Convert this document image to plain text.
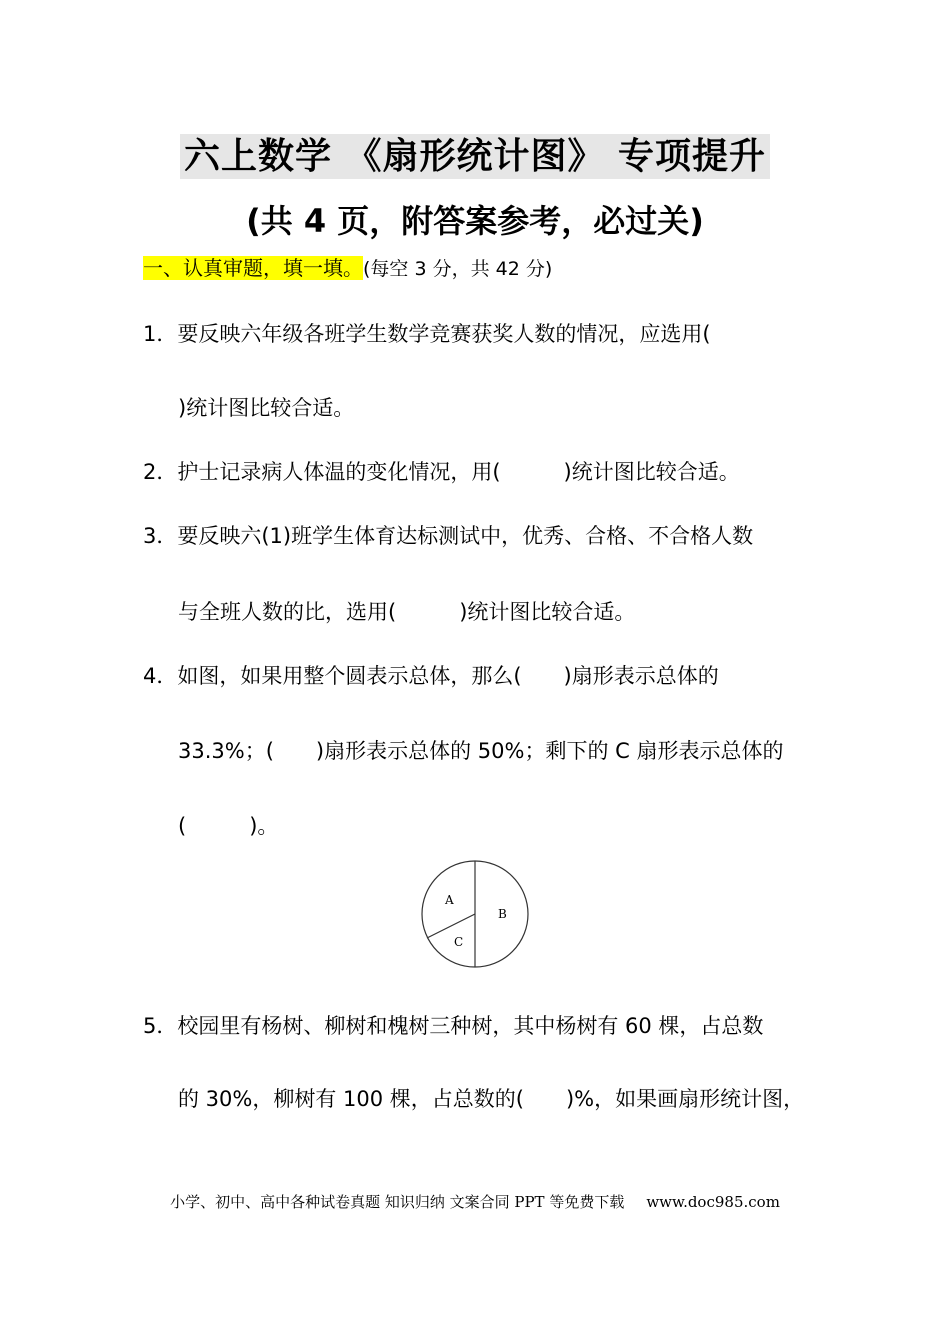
六上数学 《扇形统计图》 专项提升
(共 4 页，附答案参考，必过关)
一、认真审题，填一填。(每空 3 分，共 42 分)
1．要反映六年级各班学生数学竞赛获奖人数的情况，应选用(
)统计图比较合适。
2．护士记录病人体温的变化情况，用(　　　)统计图比较合适。
3．要反映六(1)班学生体育达标测试中，优秀、合格、不合格人数
与全班人数的比，选用(　　　)统计图比较合适。
4．如图，如果用整个圆表示总体，那么(　　)扇形表示总体的
33.3%；(　　)扇形表示总体的 50%；剩下的 C 扇形表示总体的
(　　　)。
A
B
C
5．校园里有杨树、柳树和槐树三种树，其中杨树有 60 棵，占总数
的 30%，柳树有 100 棵，占总数的(　　)%，如果画扇形统计图，
小学、初中、高中各种试卷真题 知识归纳 文案合同 PPT 等免费下载 www.doc985.com
